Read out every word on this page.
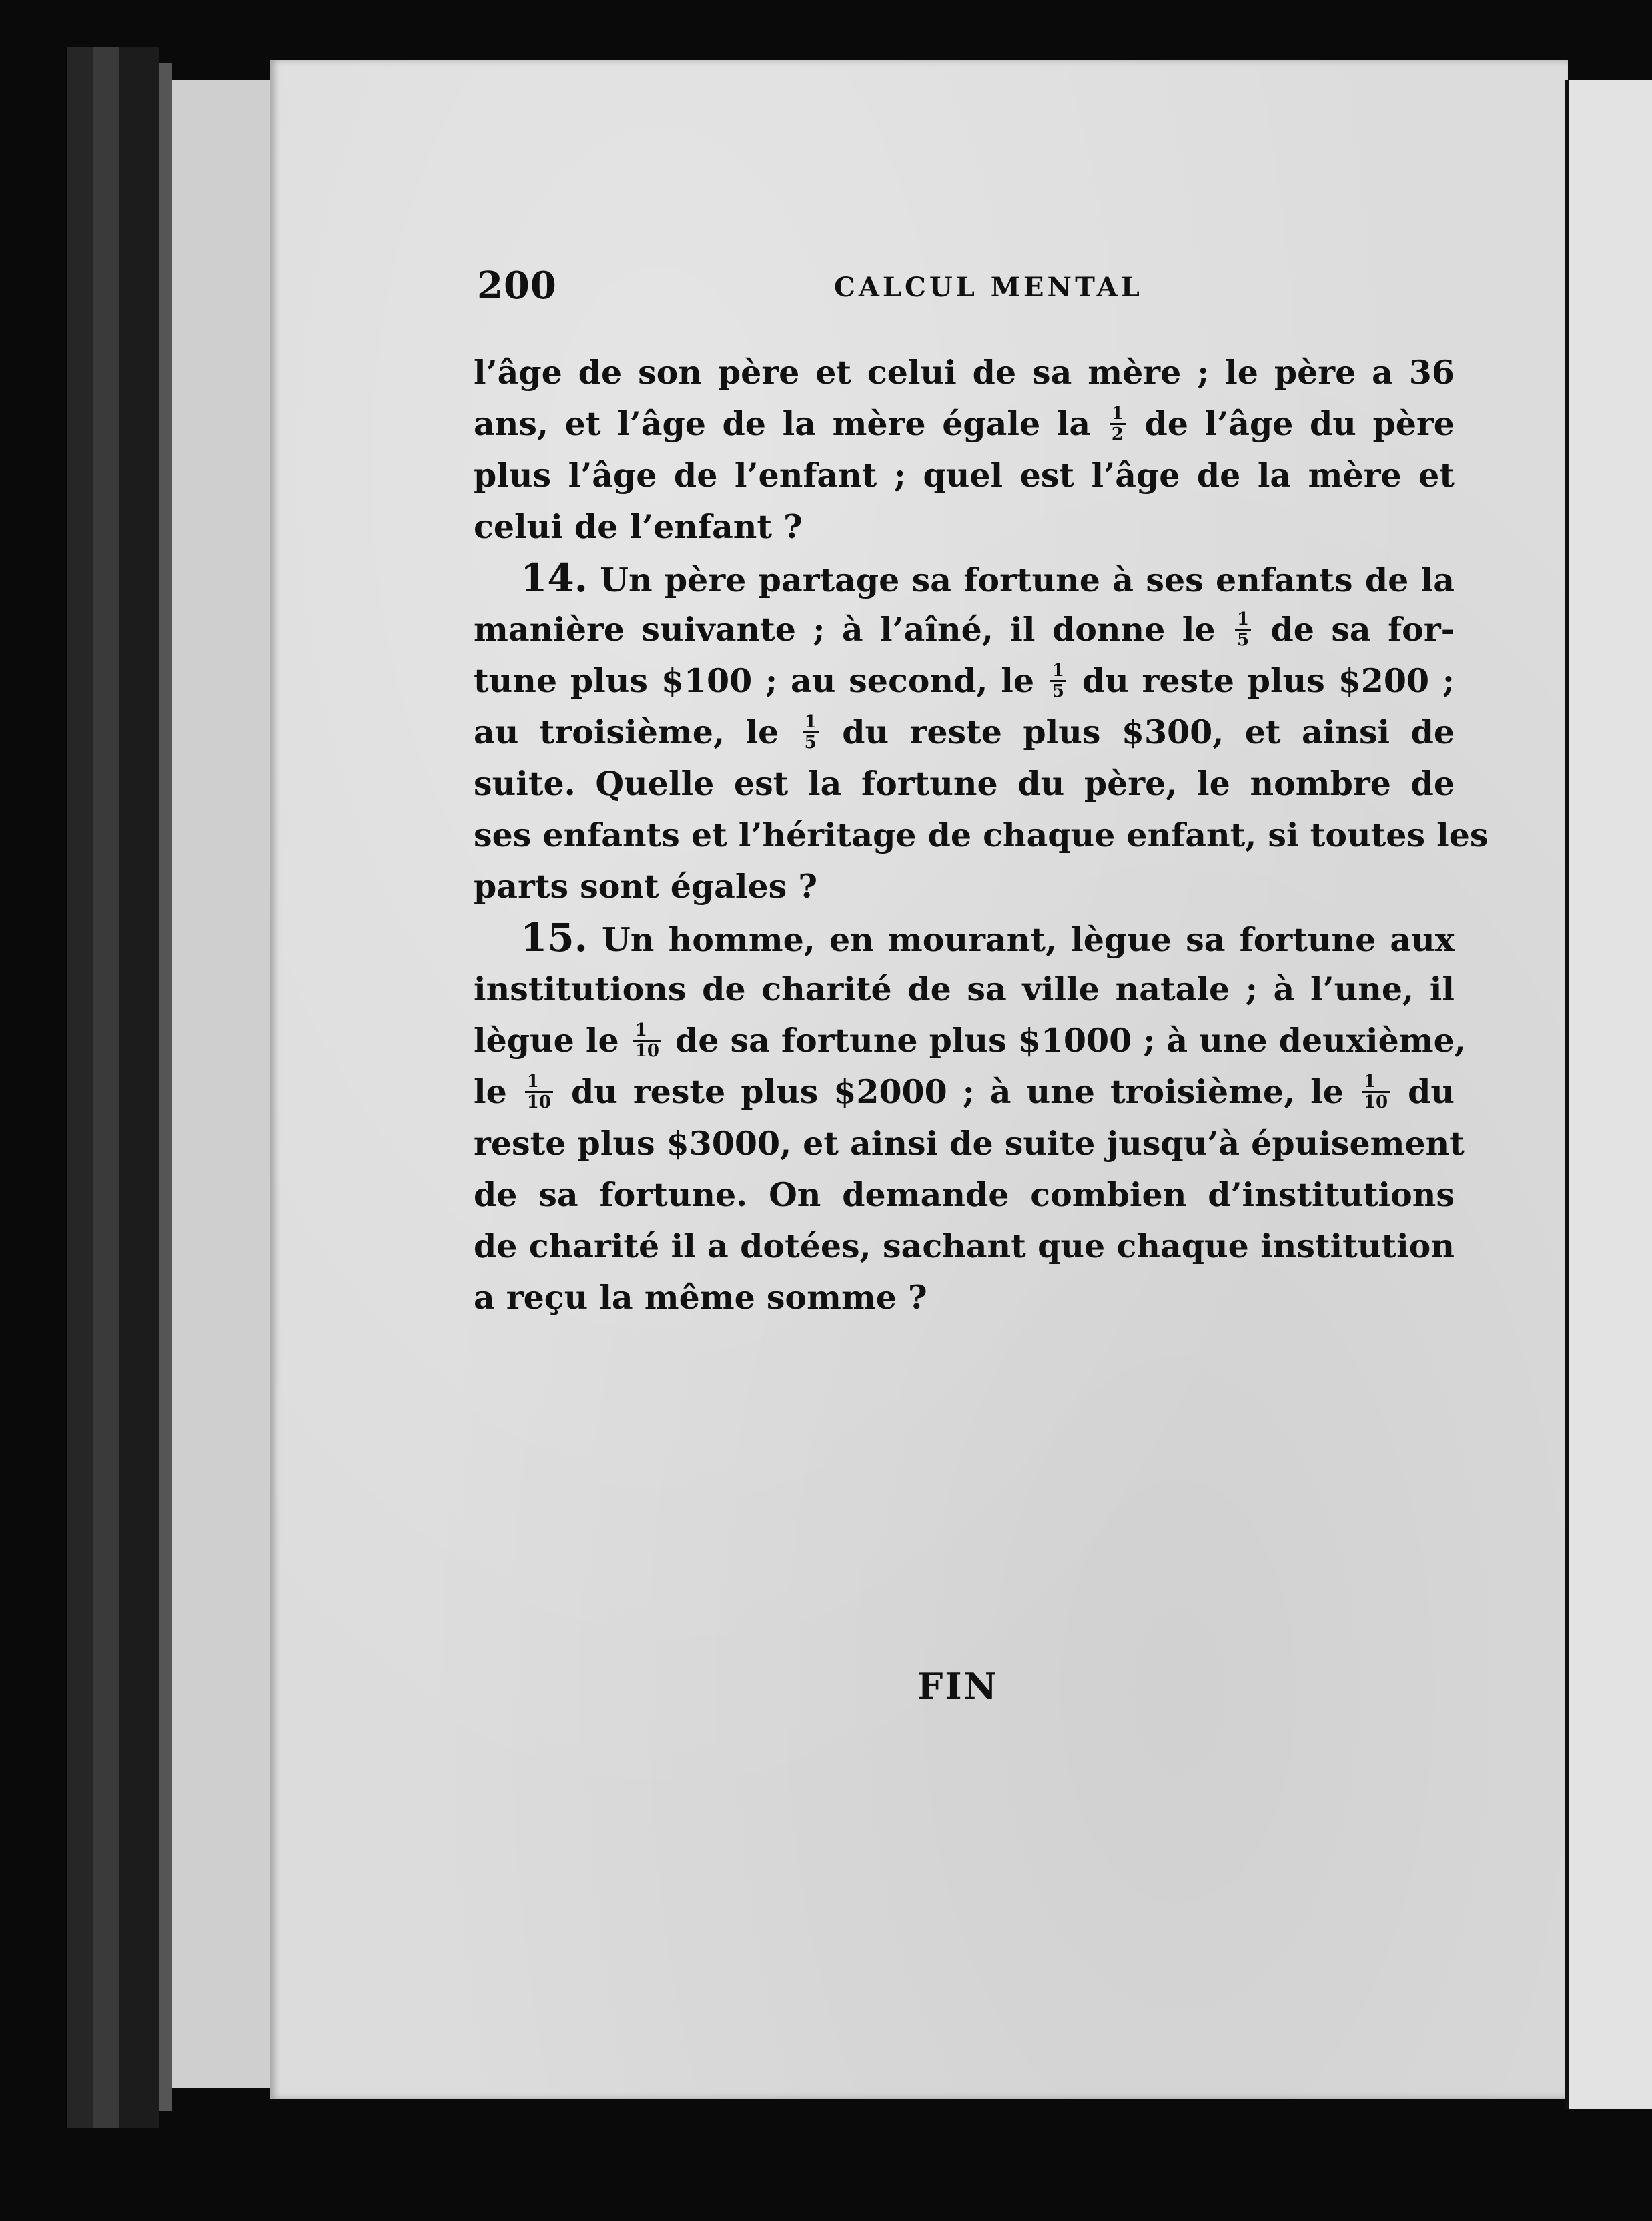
200	CALCUL MENTAL
l’âge de son père et celui de sa mère ; le père a 36
ans, et l’âge de la mère égale la $\frac{1}{2}$ de l’âge du père
plus l’âge de l’enfant ; quel est l’âge de la mère et
celui de l’enfant ?
14. Un père partage sa fortune à ses enfants de la
manière suivante ; à l’aîné, il donne le $\frac{1}{5}$ de sa for-
tune plus $100 ; au second, le $\frac{1}{5}$ du reste plus $200 ;
au troisième, le $\frac{1}{5}$ du reste plus $300, et ainsi de
suite. Quelle est la fortune du père, le nombre de
ses enfants et l’héritage de chaque enfant, si toutes les
parts sont égales ?
15. Un homme, en mourant, lègue sa fortune aux
institutions de charité de sa ville natale ; à l’une, il
lègue le $\frac{1}{10}$ de sa fortune plus $1000 ; à une deuxième,
le $\frac{1}{10}$ du reste plus $2000 ; à une troisième, le $\frac{1}{10}$ du
reste plus $3000, et ainsi de suite jusqu’à épuisement
de sa fortune. On demande combien d’institutions
de charité il a dotées, sachant que chaque institution
a reçu la même somme ?
FIN
